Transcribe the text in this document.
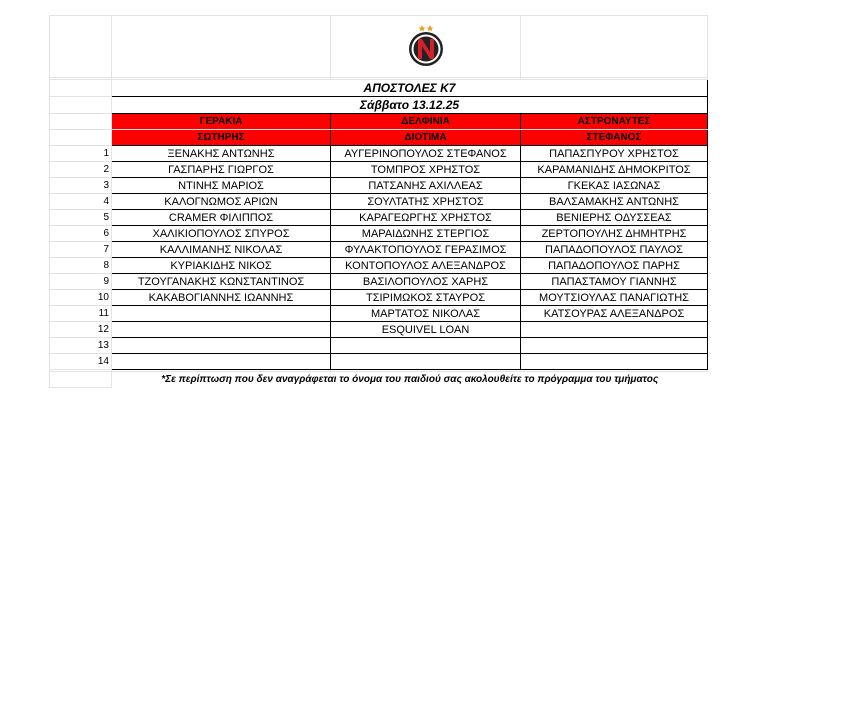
	ΑΠΟΣΤΟΛΕΣ Κ7		
	Σάββατο 13.12.25		
	ΓΕΡΑΚΙΑ	ΔΕΛΦΙΝΙΑ	ΑΣΤΡΟΝΑΥΤΕΣ
	ΣΩΤΗΡΗΣ	ΔΙΟΤΙΜΑ	ΣΤΕΦΑΝΟΣ
1	ΞΕΝΑΚΗΣ ΑΝΤΩΝΗΣ	ΑΥΓΕΡΙΝΟΠΟΥΛΟΣ ΣΤΕΦΑΝΟΣ	ΠΑΠΑΣΠΥΡΟΥ ΧΡΗΣΤΟΣ
2	ΓΑΣΠΑΡΗΣ ΓΙΩΡΓΟΣ	ΤΟΜΠΡΟΣ ΧΡΗΣΤΟΣ	ΚΑΡΑΜΑΝΙΔΗΣ ΔΗΜΟΚΡΙΤΟΣ
3	ΝΤΙΝΗΣ ΜΑΡΙΟΣ	ΠΑΤΣΑΝΗΣ ΑΧΙΛΛΕΑΣ	ΓΚΕΚΑΣ ΙΑΣΩΝΑΣ
4	ΚΑΛΟΓΝΩΜΟΣ ΑΡΙΩΝ	ΣΟΥΛΤΑΤΗΣ ΧΡΗΣΤΟΣ	ΒΑΛΣΑΜΑΚΗΣ ΑΝΤΩΝΗΣ
5	CRAMER ΦΙΛΙΠΠΟΣ	ΚΑΡΑΓΕΩΡΓΗΣ ΧΡΗΣΤΟΣ	ΒΕΝΙΕΡΗΣ ΟΔΥΣΣΕΑΣ
6	ΧΑΛΙΚΙΟΠΟΥΛΟΣ ΣΠΥΡΟΣ	ΜΑΡΑΙΔΩΝΗΣ ΣΤΕΡΓΙΟΣ	ΖΕΡΤΟΠΟΥΛΗΣ ΔΗΜΗΤΡΗΣ
7	ΚΑΛΛΙΜΑΝΗΣ ΝΙΚΟΛΑΣ	ΦΥΛΑΚΤΟΠΟΥΛΟΣ ΓΕΡΑΣΙΜΟΣ	ΠΑΠΑΔΟΠΟΥΛΟΣ ΠΑΥΛΟΣ
8	ΚΥΡΙΑΚΙΔΗΣ ΝΙΚΟΣ	ΚΟΝΤΟΠΟΥΛΟΣ ΑΛΕΞΑΝΔΡΟΣ	ΠΑΠΑΔΟΠΟΥΛΟΣ ΠΑΡΗΣ
9	ΤΖΟΥΓΑΝΑΚΗΣ ΚΩΝΣΤΑΝΤΙΝΟΣ	ΒΑΣΙΛΟΠΟΥΛΟΣ ΧΑΡΗΣ	ΠΑΠΑΣΤΑΜΟΥ ΓΙΑΝΝΗΣ
10	ΚΑΚΑΒΟΓΙΑΝΝΗΣ ΙΩΑΝΝΗΣ	ΤΣΙΡΙΜΩΚΟΣ ΣΤΑΥΡΟΣ	ΜΟΥΤΣΙΟΥΛΑΣ ΠΑΝΑΓΙΩΤΗΣ
11		ΜΑΡΤΑΤΟΣ ΝΙΚΟΛΑΣ	ΚΑΤΣΟΥΡΑΣ ΑΛΕΞΑΝΔΡΟΣ
12		ESQUIVEL LOAN	
13			
14			

	*Σε περίπτωση που δεν αναγράφεται το όνομα του παιδιού σας ακολουθείτε το πρόγραμμα του τμήματος		
